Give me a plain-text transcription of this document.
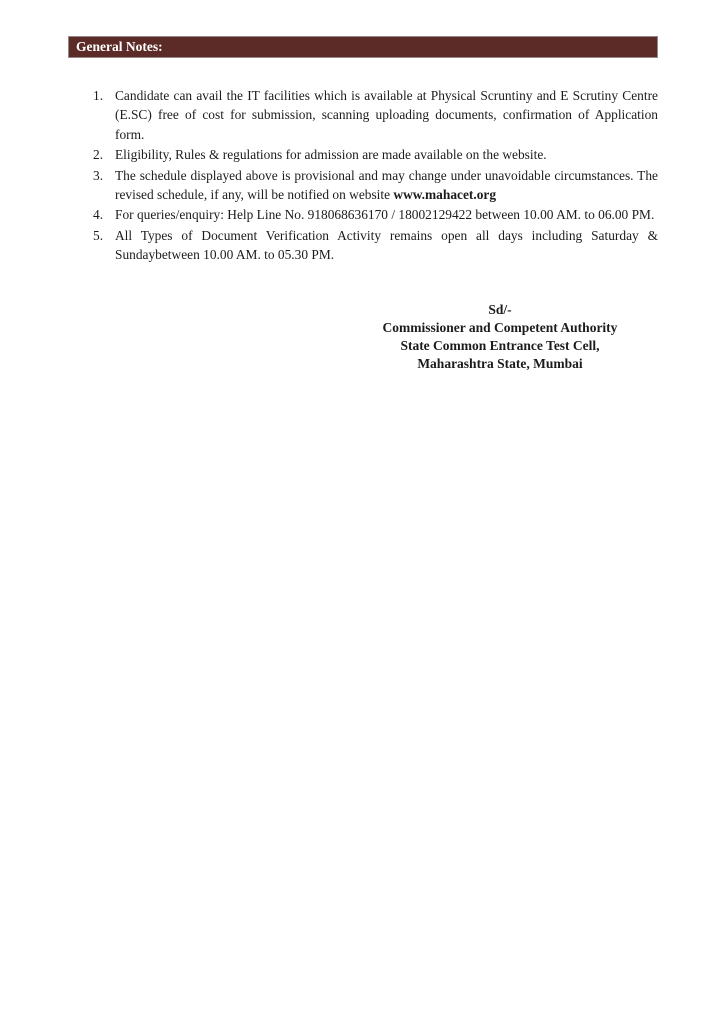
General Notes:
1. Candidate can avail the IT facilities which is available at Physical Scruntiny and E Scrutiny Centre (E.SC) free of cost for submission, scanning uploading documents, confirmation of Application form.

2. Eligibility, Rules & regulations for admission are made available on the website.

3. The schedule displayed above is provisional and may change under unavoidable circumstances. The revised schedule, if any, will be notified on website www.mahacet.org

4. For queries/enquiry: Help Line No. 918068636170 / 18002129422 between 10.00 AM. to 06.00 PM.

5. All Types of Document Verification Activity remains open all days including Saturday & Sundaybetween 10.00 AM. to 05.30 PM.

Sd/-
Commissioner and Competent Authority
State Common Entrance Test Cell,
Maharashtra State, Mumbai
